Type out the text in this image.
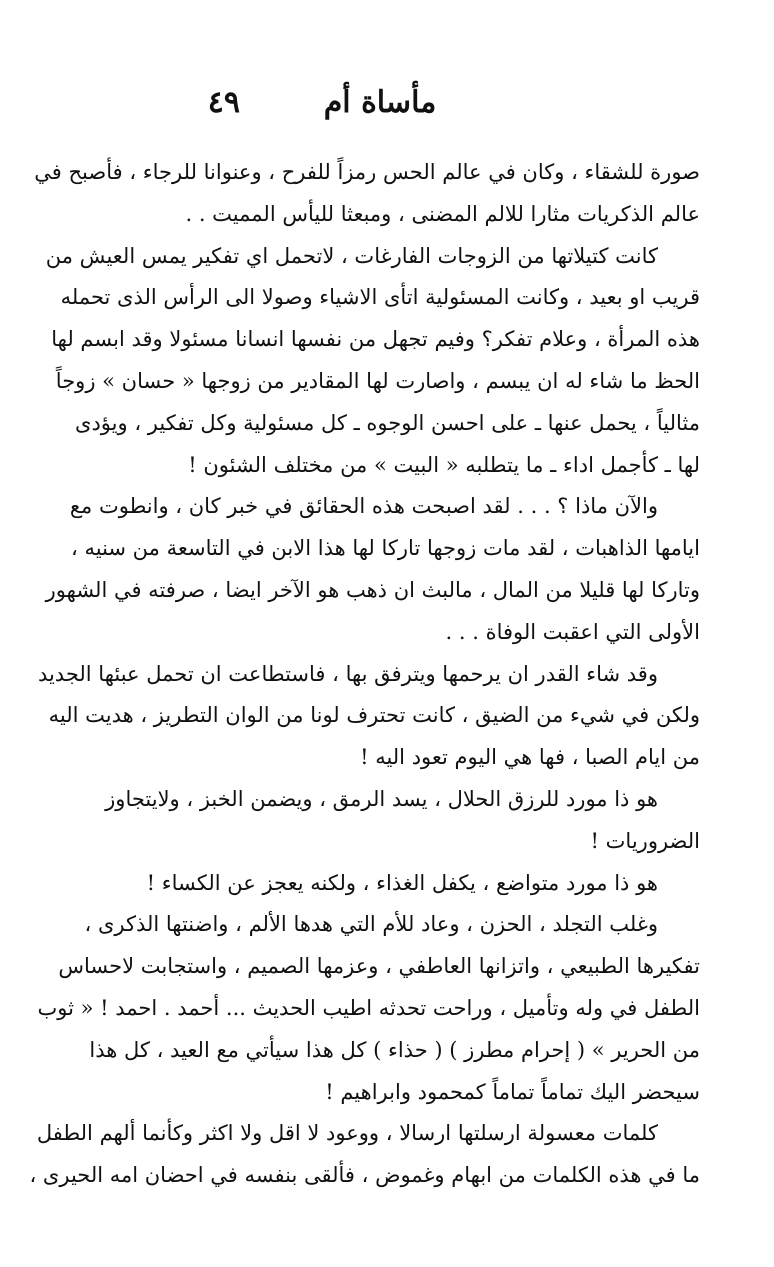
مأساة أم
٤٩
صورة للشقاء ، وكان في عالم الحس رمزاً للفرح ، وعنوانا للرجاء ، فأصبح في
عالم الذكريات مثارا للالم المضنى ، ومبعثا لليأس المميت . .
كانت كتيلاتها من الزوجات الفارغات ، لاتحمل اي تفكير يمس العيش من
قريب او بعيد ، وكانت المسئولية اتأى الاشياء وصولا الى الرأس الذى تحمله
هذه المرأة ، وعلام تفكر؟ وفيم تجهل من نفسها انسانا مسئولا وقد ابسم لها
الحظ ما شاء له ان يبسم ، واصارت لها المقادير من زوجها « حسان » زوجاً
مثالياً ، يحمل عنها ـ على احسن الوجوه ـ كل مسئولية وكل تفكير ، ويؤدى
لها ـ كأجمل اداء ـ ما يتطلبه « البيت » من مختلف الشئون !
والآن ماذا ؟ . . . لقد اصبحت هذه الحقائق في خبر كان ، وانطوت مع
ايامها الذاهبات ، لقد مات زوجها تاركا لها هذا الابن في التاسعة من سنيه ،
وتاركا لها قليلا من المال ، مالبث ان ذهب هو الآخر ايضا ، صرفته في الشهور
الأولى التي اعقبت الوفاة . . .
وقد شاء القدر ان يرحمها ويترفق بها ، فاستطاعت ان تحمل عبئها الجديد
ولكن في شيء من الضيق ، كانت تحترف لونا من الوان التطريز ، هديت اليه
من ايام الصبا ، فها هي اليوم تعود اليه !
هو ذا مورد للرزق الحلال ، يسد الرمق ، ويضمن الخبز ، ولايتجاوز
الضروريات !
هو ذا مورد متواضع ، يكفل الغذاء ، ولكنه يعجز عن الكساء !
وغلب التجلد ، الحزن ، وعاد للأم التي هدها الألم ، واضنتها الذكرى ،
تفكيرها الطبيعي ، واتزانها العاطفي ، وعزمها الصميم ، واستجابت لاحساس
الطفل في وله وتأميل ، وراحت تحدثه اطيب الحديث ... أحمد . احمد ! « ثوب
من الحرير » ( إحرام مطرز ) ( حذاء ) كل هذا سيأتي مع العيد ، كل هذا
سيحضر اليك تماماً تماماً كمحمود وابراهيم !
كلمات معسولة ارسلتها ارسالا ، ووعود لا اقل ولا اكثر وكأنما ألهم الطفل
ما في هذه الكلمات من ابهام وغموض ، فألقى بنفسه في احضان امه الحيرى ،
